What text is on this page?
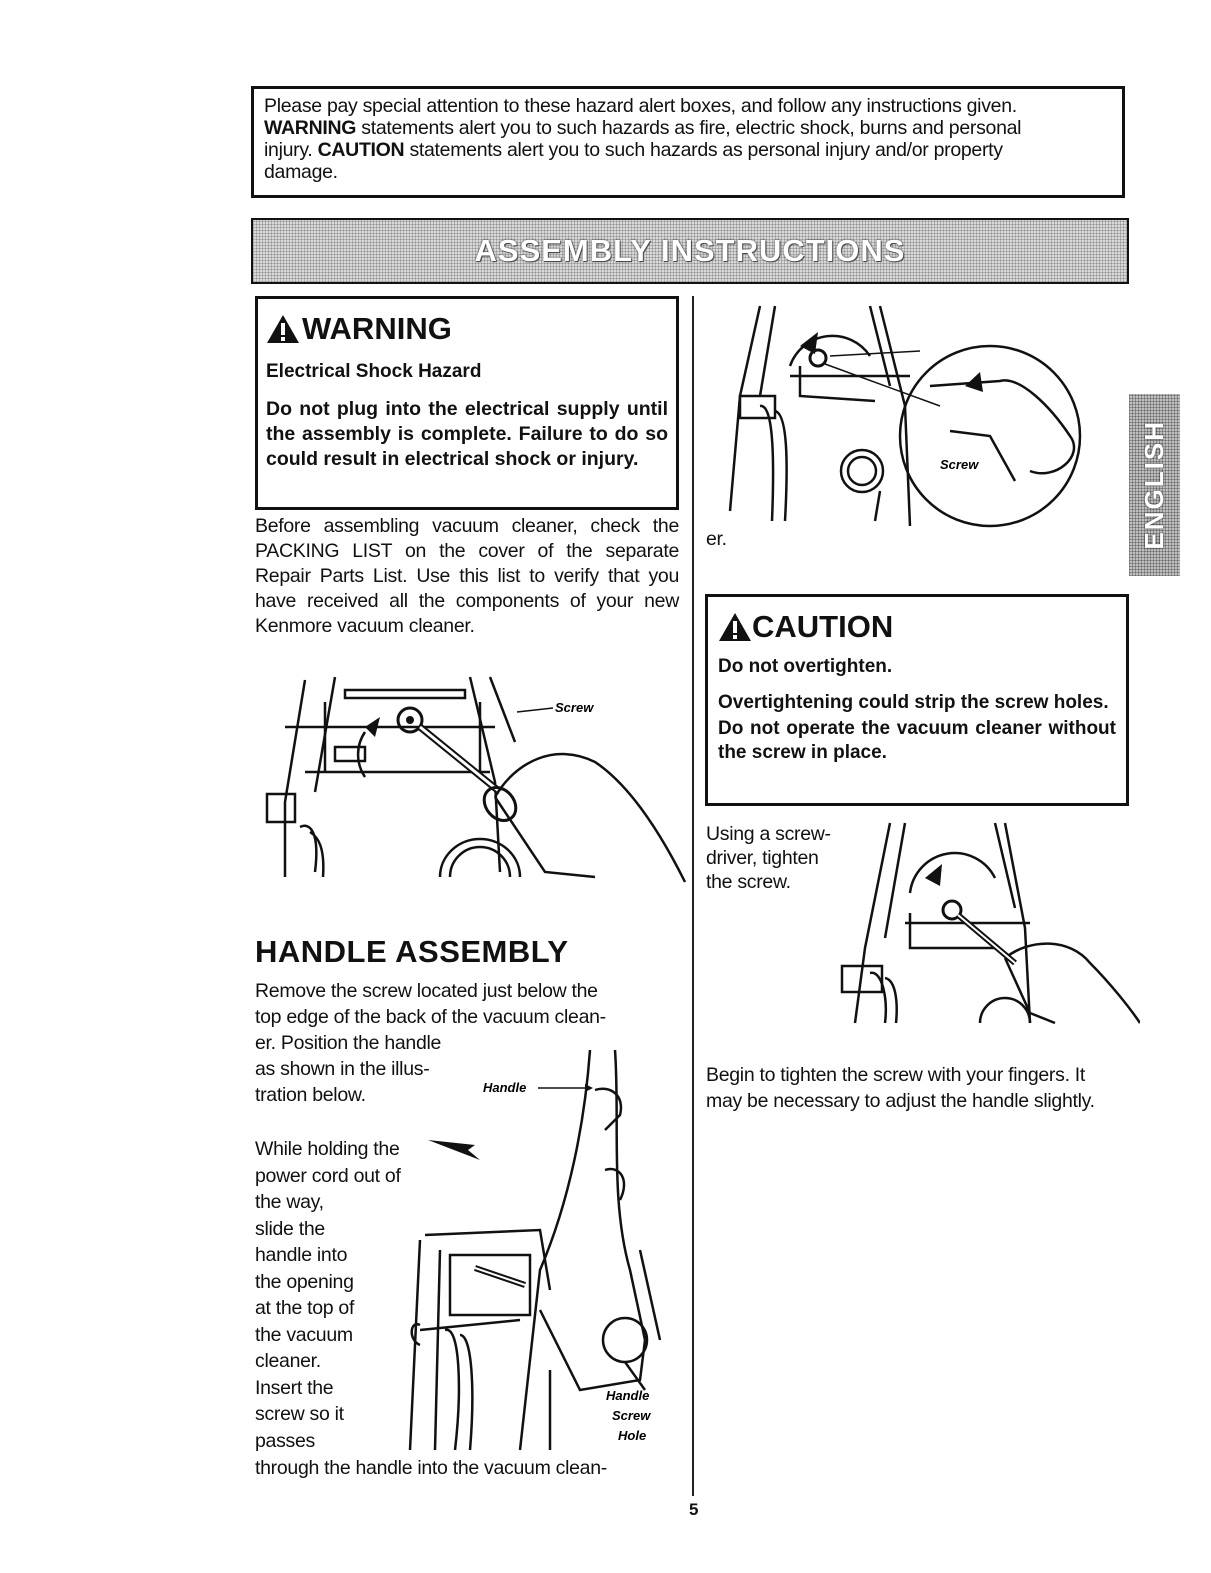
Please pay special attention to these hazard alert boxes, and follow any instructions given.
WARNING statements alert you to such hazards as fire, electric shock, burns and personal
injury. CAUTION statements alert you to such hazards as personal injury and/or property
damage.
ASSEMBLY INSTRUCTIONS
WARNING
Electrical Shock Hazard
Do not plug into the electrical supply until the assembly is complete. Failure to do so could result in electrical shock or injury.
Before assembling vacuum cleaner, check the PACKING LIST on the cover of the separate Repair Parts List. Use this list to verify that you have received all the components of your new Kenmore vacuum cleaner.
Screw
HANDLE ASSEMBLY
Remove the screw located just below the
top edge of the back of the vacuum clean-
er. Position the handle
as shown in the illus-
tration below.
While holding the
power cord out of
the way,
slide the
handle into
the opening
at the top of
the vacuum
cleaner.
Insert the
screw so it
passes
through the handle into the vacuum clean-
Handle
Handle
Screw
Hole
Screw
er.
CAUTION
Do not overtighten.
Overtightening could strip the screw holes.
Do not operate the vacuum cleaner without the screw in place.
Using a screw-
driver, tighten
the screw.
Begin to tighten the screw with your fingers. It may be necessary to adjust the handle slightly.
ENGLISH
5
